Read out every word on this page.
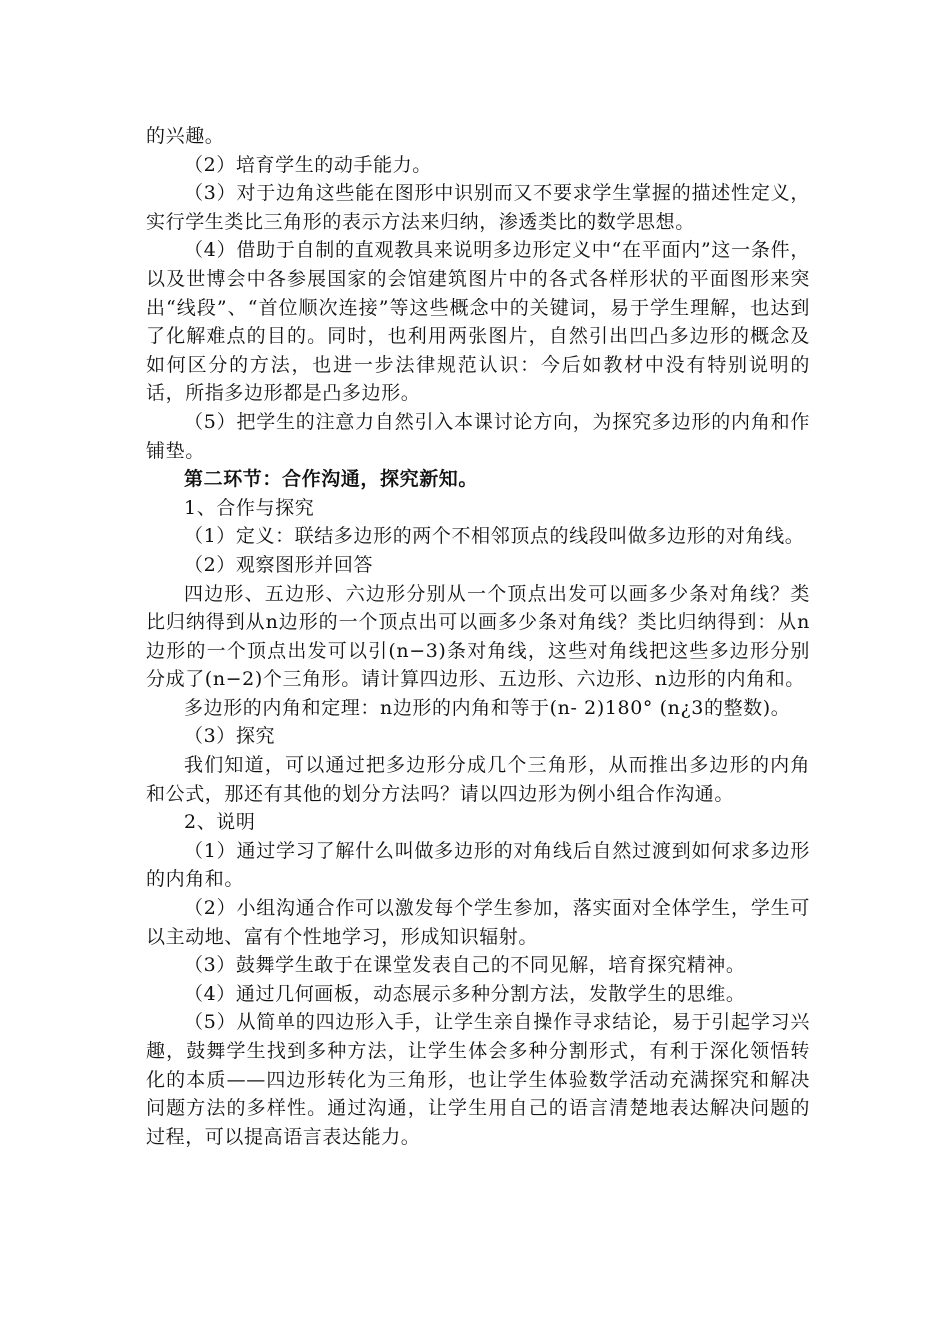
的兴趣。

（2）培育学生的动手能力。

（3）对于边角这些能在图形中识别而又不要求学生掌握的描述性定义，实行学生类比三角形的表示方法来归纳，渗透类比的数学思想。

（4）借助于自制的直观教具来说明多边形定义中“在平面内”这一条件，以及世博会中各参展国家的会馆建筑图片中的各式各样形状的平面图形来突出“线段”、“首位顺次连接”等这些概念中的关键词，易于学生理解，也达到了化解难点的目的。同时，也利用两张图片，自然引出凹凸多边形的概念及如何区分的方法，也进一步法律规范认识：今后如教材中没有特别说明的话，所指多边形都是凸多边形。

（5）把学生的注意力自然引入本课讨论方向，为探究多边形的内角和作铺垫。

第二环节：合作沟通，探究新知。

1、合作与探究

（1）定义：联结多边形的两个不相邻顶点的线段叫做多边形的对角线。

（2）观察图形并回答

四边形、五边形、六边形分别从一个顶点出发可以画多少条对角线？类比归纳得到从n边形的一个顶点出可以画多少条对角线？类比归纳得到：从n边形的一个顶点出发可以引(n−3)条对角线，这些对角线把这些多边形分别分成了(n−2)个三角形。请计算四边形、五边形、六边形、n边形的内角和。

多边形的内角和定理：n边形的内角和等于(n- 2)180° (n¿3的整数)。

（3）探究

我们知道，可以通过把多边形分成几个三角形，从而推出多边形的内角和公式，那还有其他的划分方法吗？请以四边形为例小组合作沟通。

2、说明

（1）通过学习了解什么叫做多边形的对角线后自然过渡到如何求多边形的内角和。

（2）小组沟通合作可以激发每个学生参加，落实面对全体学生，学生可以主动地、富有个性地学习，形成知识辐射。

（3）鼓舞学生敢于在课堂发表自己的不同见解，培育探究精神。

（4）通过几何画板，动态展示多种分割方法，发散学生的思维。

（5）从简单的四边形入手，让学生亲自操作寻求结论，易于引起学习兴趣，鼓舞学生找到多种方法，让学生体会多种分割形式，有利于深化领悟转化的本质——四边形转化为三角形，也让学生体验数学活动充满探究和解决问题方法的多样性。通过沟通，让学生用自己的语言清楚地表达解决问题的过程，可以提高语言表达能力。
